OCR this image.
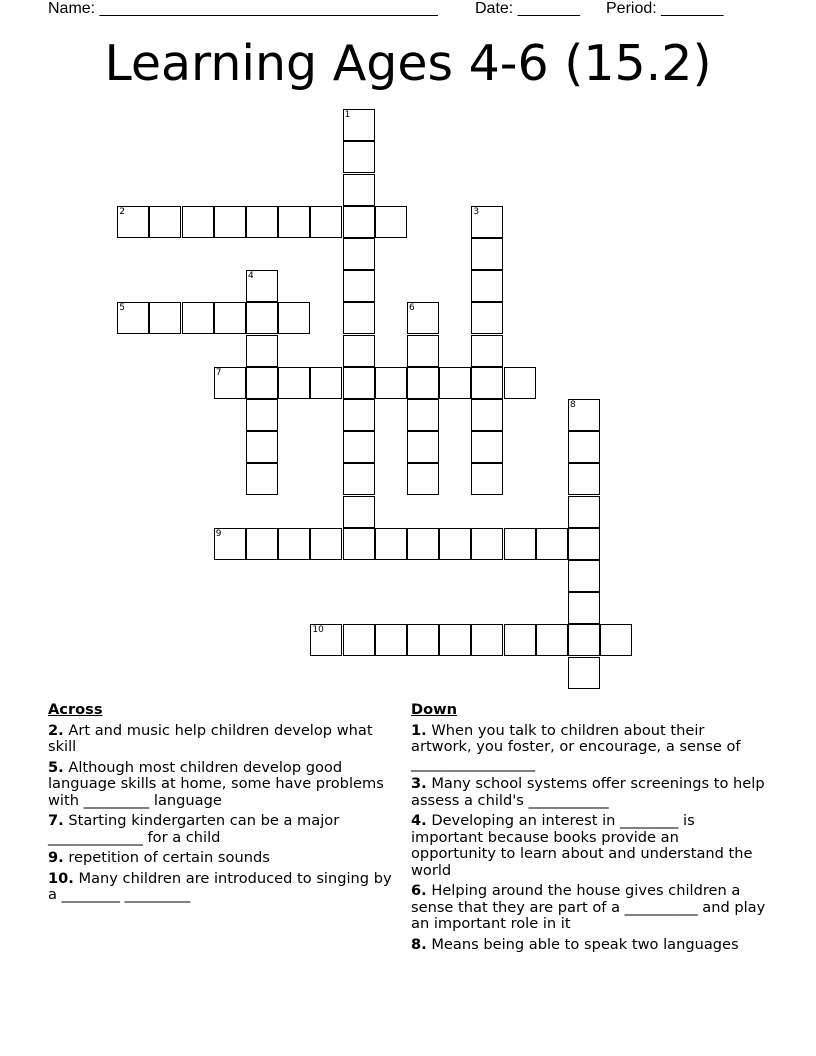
Name: ______________________________________ Date: _______ Period: _______
Learning Ages 4-6 (15.2)
1
2	3
4
5	6
7
8
9
10
Across
2. Art and music help children develop what skill
5. Although most children develop good language skills at home, some have problems with _________ language
7. Starting kindergarten can be a major _____________ for a child
9. repetition of certain sounds
10. Many children are introduced to singing by a ________ _________
Down
1. When you talk to children about their artwork, you foster, or encourage, a sense of _________________
3. Many school systems offer screenings to help assess a child's ___________
4. Developing an interest in ________ is important because books provide an opportunity to learn about and understand the world
6. Helping around the house gives children a sense that they are part of a __________ and play an important role in it
8. Means being able to speak two languages
